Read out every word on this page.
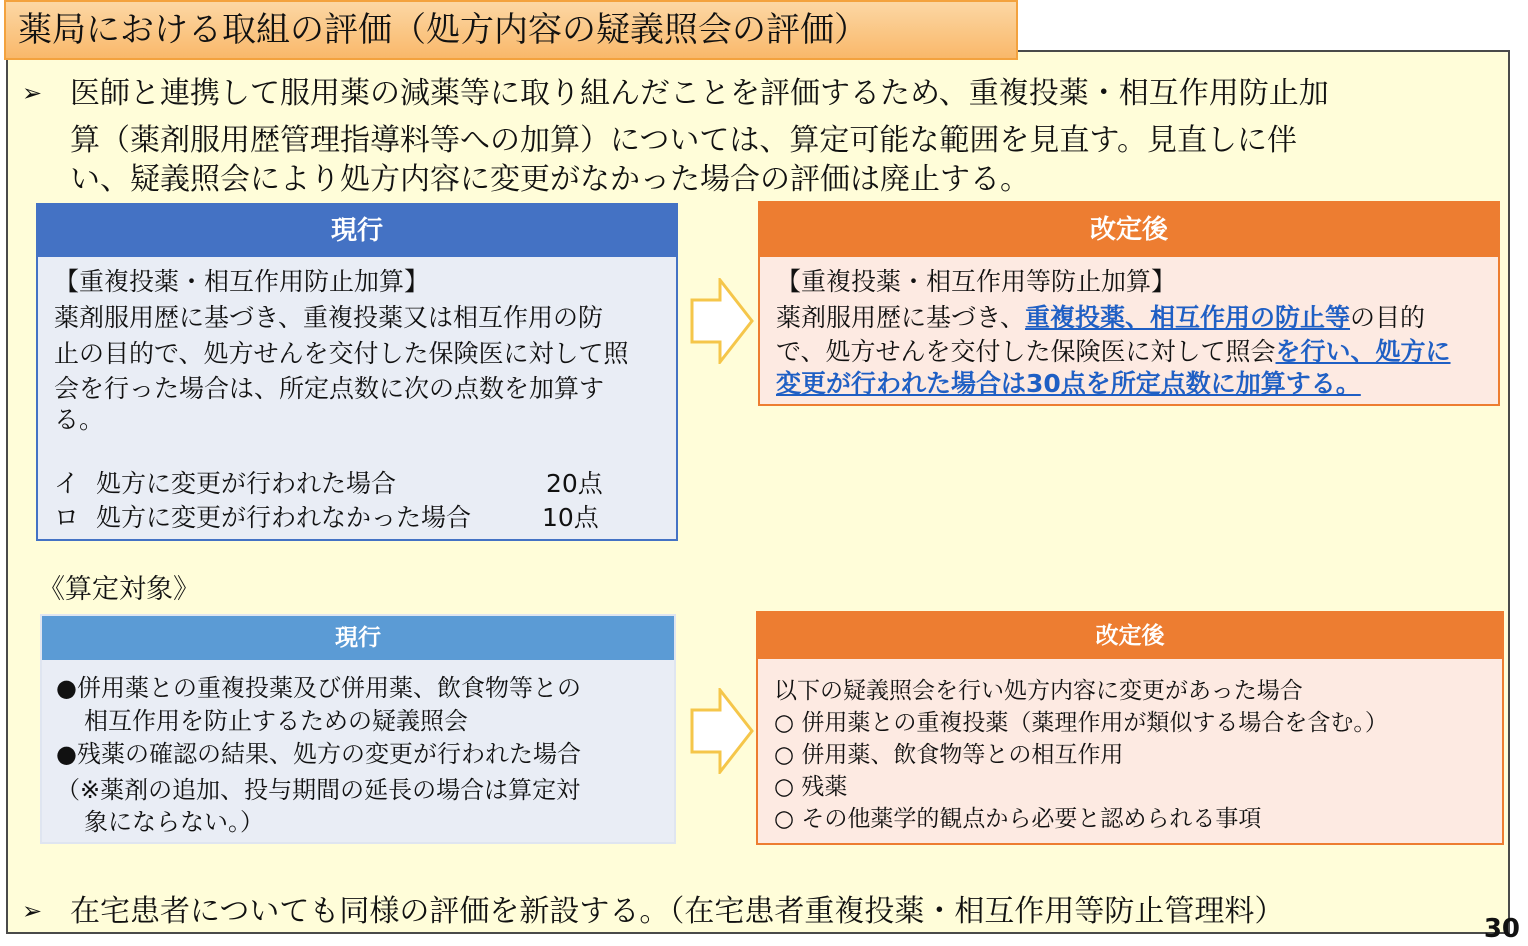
薬局における取組の評価（処方内容の疑義照会の評価）
➢ 医師と連携して服用薬の減薬等に取り組んだことを評価するため、重複投薬・相互作用防止加
算（薬剤服用歴管理指導料等への加算）については、算定可能な範囲を見直す。見直しに伴
い、疑義照会により処方内容に変更がなかった場合の評価は廃止する。
現行
【重複投薬・相互作用防止加算】
薬剤服用歴に基づき、重複投薬又は相互作用の防
止の目的で、処方せんを交付した保険医に対して照
会を行った場合は、所定点数に次の点数を加算す
る。
イ 処方に変更が行われた場合	20点
ロ 処方に変更が行われなかった場合	10点
改定後
【重複投薬・相互作用等防止加算】
薬剤服用歴に基づき、重複投薬、相互作用の防止等の目的
で、処方せんを交付した保険医に対して照会を行い、処方に
変更が行われた場合は30点を所定点数に加算する。
《算定対象》
現行
●併用薬との重複投薬及び併用薬、飲食物等との
相互作用を防止するための疑義照会
●残薬の確認の結果、処方の変更が行われた場合
（※薬剤の追加、投与期間の延長の場合は算定対
象にならない。）
改定後
以下の疑義照会を行い処方内容に変更があった場合
○ 併用薬との重複投薬（薬理作用が類似する場合を含む。）
○ 併用薬、飲食物等との相互作用
○ 残薬
○ その他薬学的観点から必要と認められる事項
➢ 在宅患者についても同様の評価を新設する。（在宅患者重複投薬・相互作用等防止管理料）	30
